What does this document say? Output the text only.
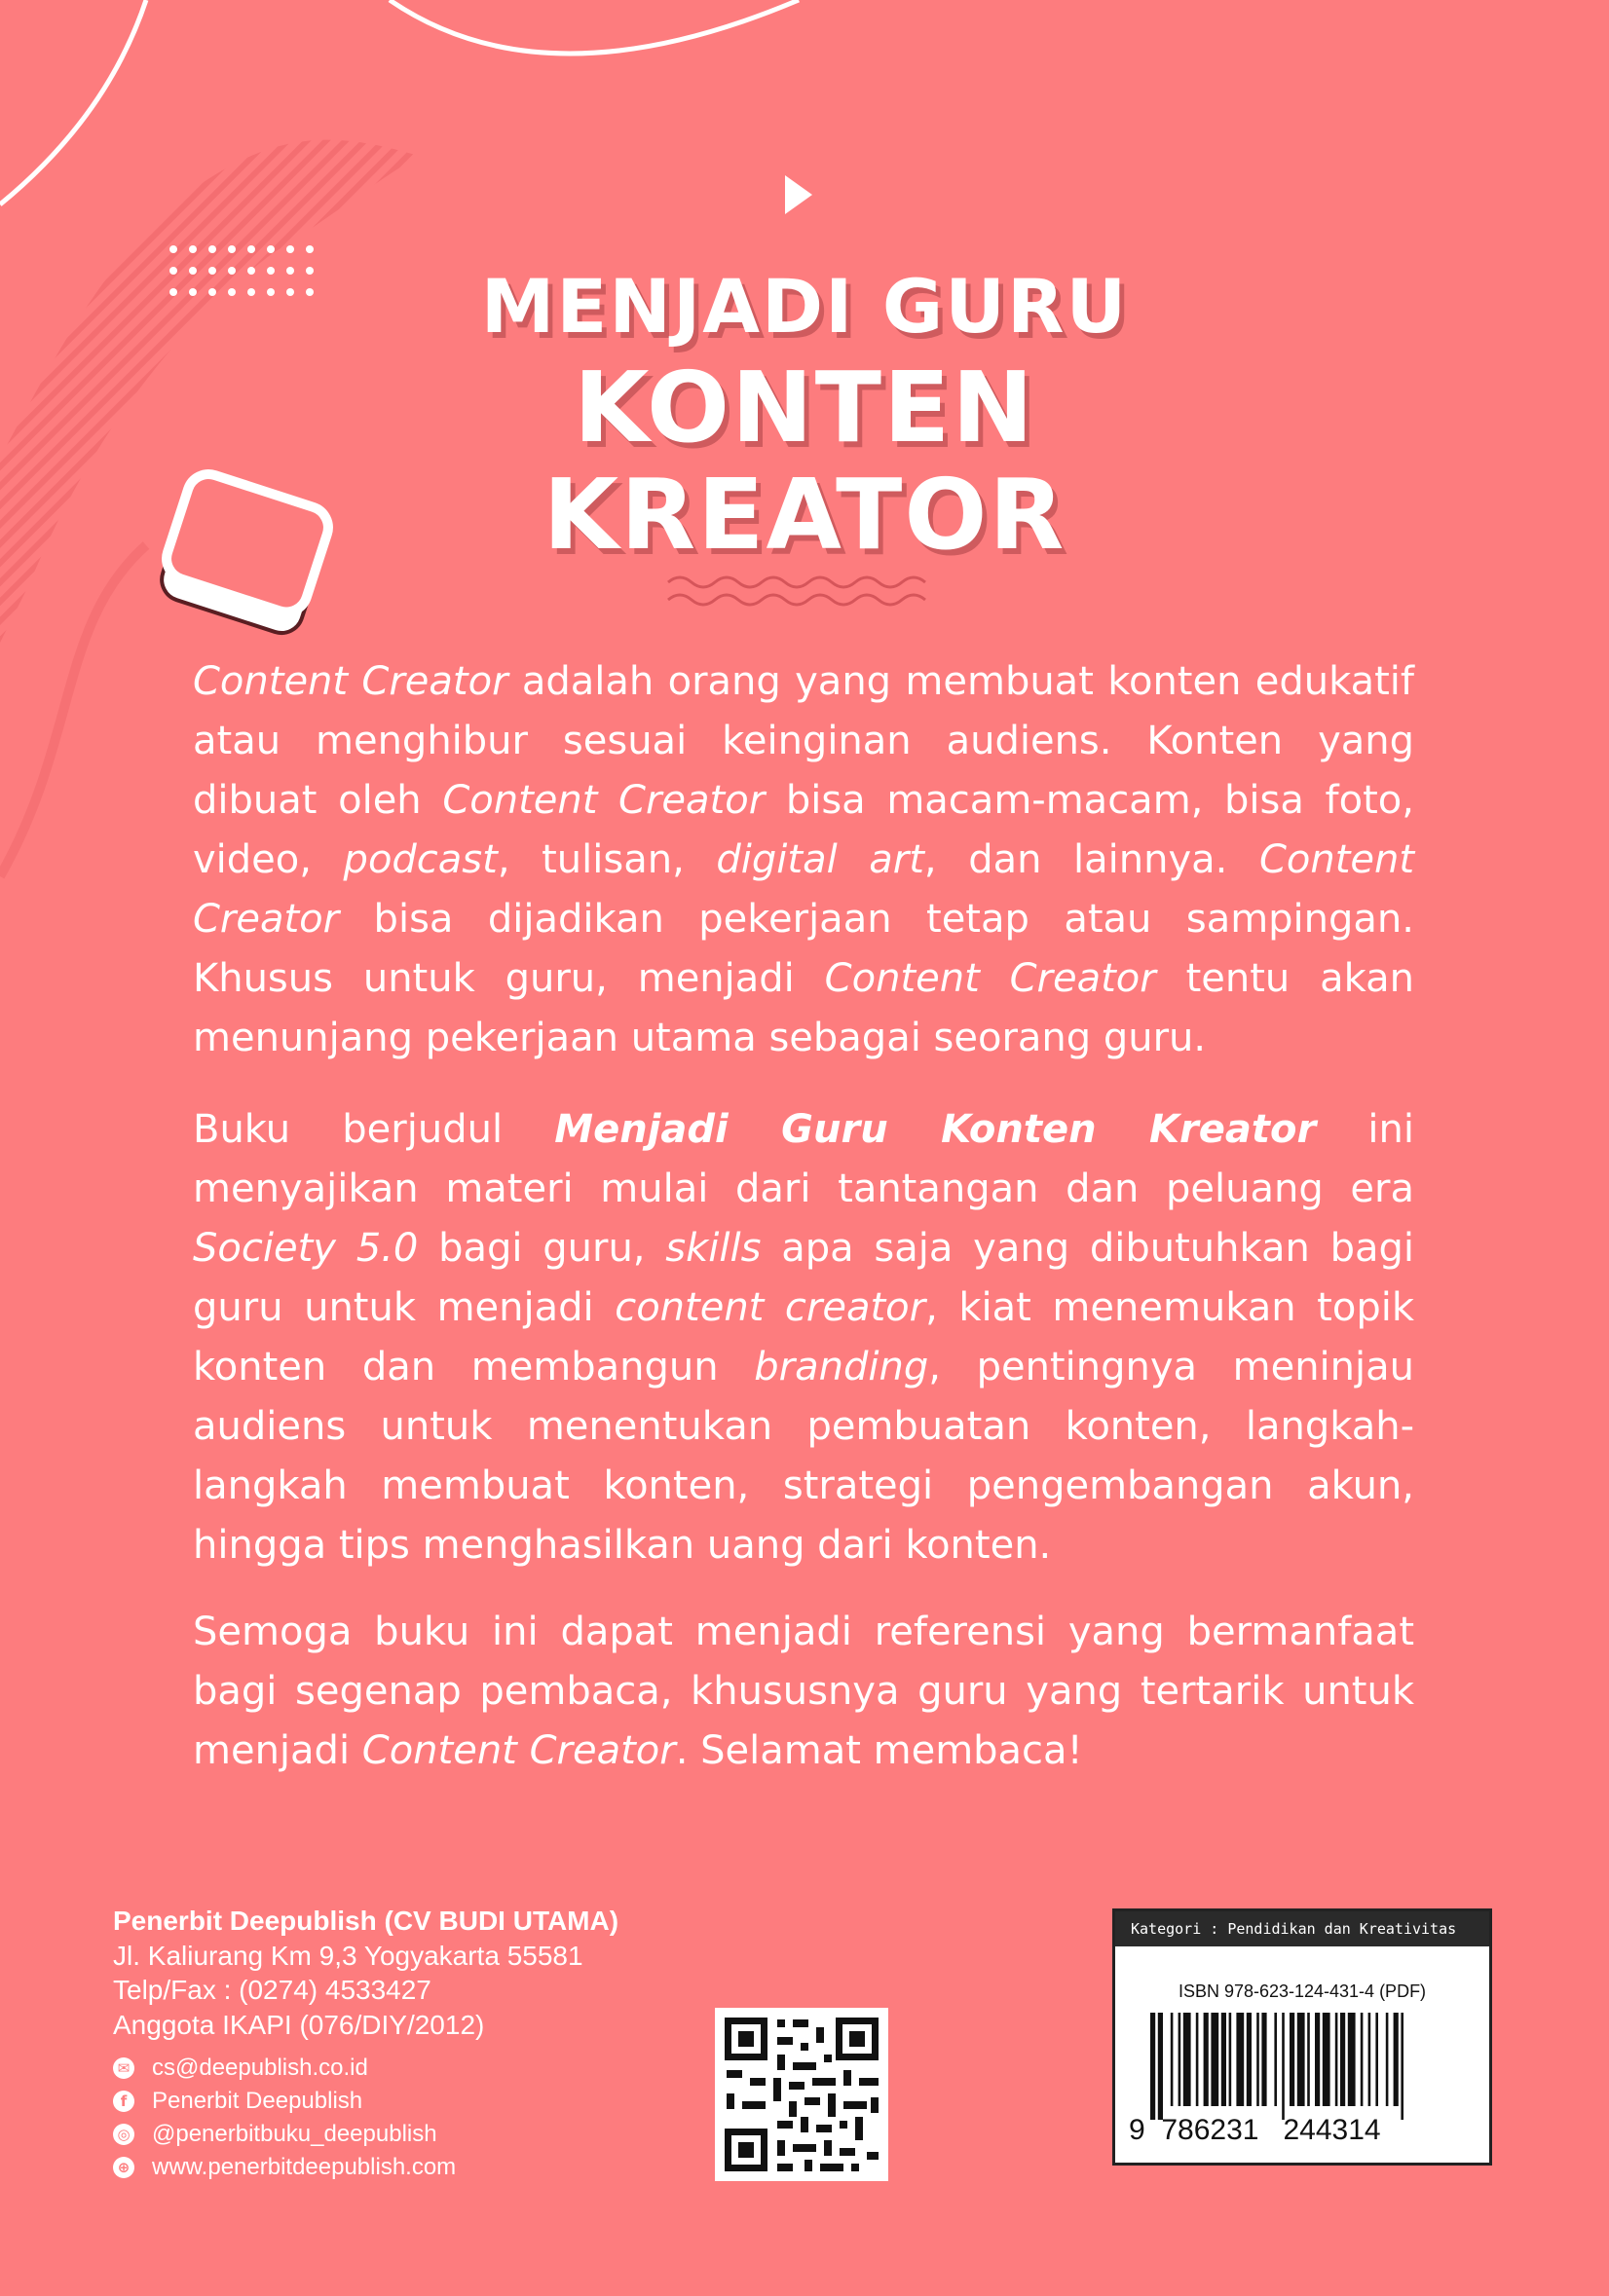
MENJADI GURU
KONTEN
KREATOR
Content Creator adalah orang yang membuat konten edukatif atau menghibur sesuai keinginan audiens. Konten yang dibuat oleh Content Creator bisa macam-macam, bisa foto, video, podcast, tulisan, digital art, dan lainnya. Content Creator bisa dijadikan pekerjaan tetap atau sampingan. Khusus untuk guru, menjadi Content Creator tentu akan menunjang pekerjaan utama sebagai seorang guru.
Buku berjudul Menjadi Guru Konten Kreator ini menyajikan materi mulai dari tantangan dan peluang era Society 5.0 bagi guru, skills apa saja yang dibutuhkan bagi guru untuk menjadi content creator, kiat menemukan topik konten dan membangun branding, pentingnya meninjau audiens untuk menentukan pembuatan konten, langkah-langkah membuat konten, strategi pengembangan akun, hingga tips menghasilkan uang dari konten.
Semoga buku ini dapat menjadi referensi yang bermanfaat bagi segenap pembaca, khususnya guru yang tertarik untuk menjadi Content Creator. Selamat membaca!
Penerbit Deepublish (CV BUDI UTAMA)
Jl. Kaliurang Km 9,3 Yogyakarta 55581
Telp/Fax : (0274) 4533427
Anggota IKAPI (076/DIY/2012)
✉ cs@deepublish.co.id
f	Penerbit Deepublish
◎ @penerbitbuku_deepublish
⊕ www.penerbitdeepublish.com
Kategori : Pendidikan dan Kreativitas
ISBN 978-623-124-431-4 (PDF)
9  786231   244314
